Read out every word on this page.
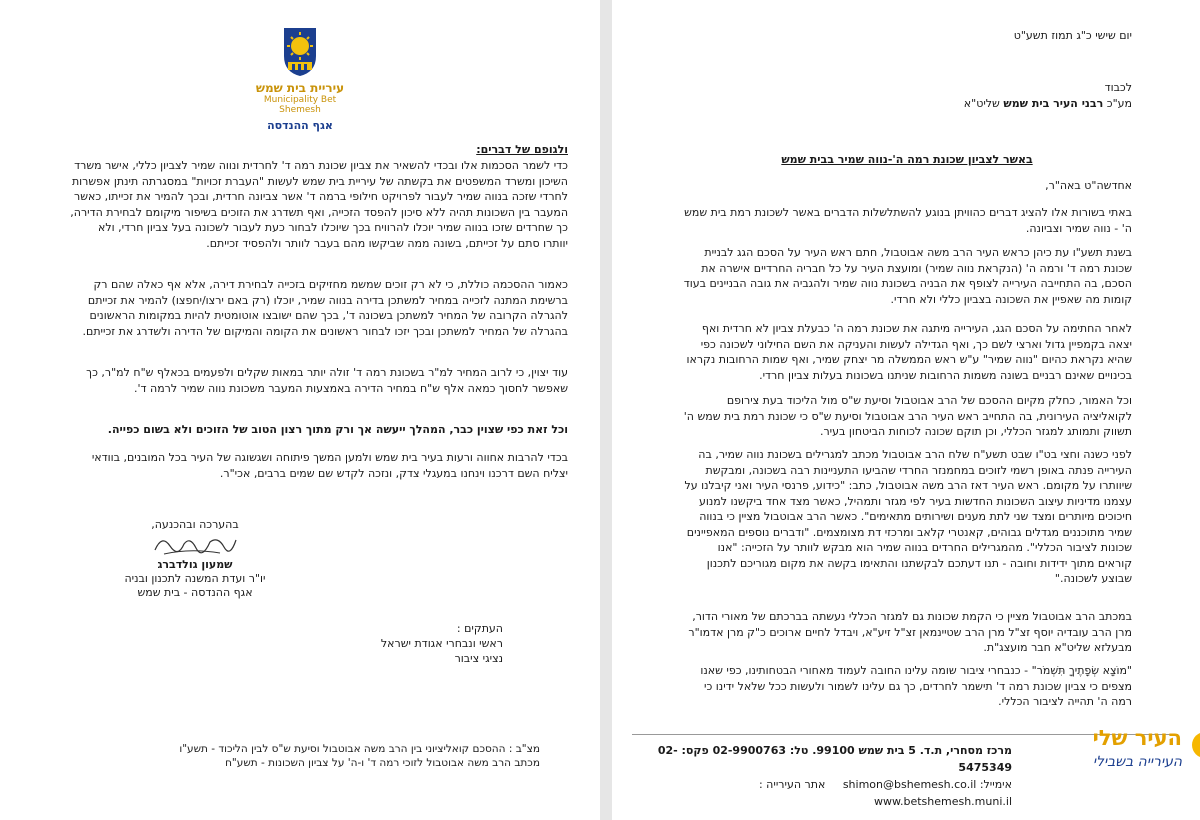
עיריית בית שמש
Municipality Bet Shemesh
אגף ההנדסה
ולגופם של דברים:

כדי לשמר הסכמות אלו ובכדי להשאיר את צביון שכונת רמה ד' לחרדית ונווה שמיר לצביון כללי, אישר משרד השיכון ומשרד המשפטים את בקשתה של עיריית בית שמש לעשות "העברת זכויות" במסגרתה תינתן אפשרות לחרדי שזכה בנווה שמיר לעבור לפרויקט חילופי ברמה ד' אשר צביונה חרדית, ובכך להמיר את זכייתו, כאשר המעבר בין השכונות תהיה ללא סיכון להפסד הזכייה, ואף תשדרג את הזוכים בשיפור מיקומם לבחירת הדירה, כך שחרדים שזכו בנווה שמיר יוכלו להרוויח בכך שיוכלו לבחור כעת לעבור לשכונה בעל צביון חרדי, ולא יוותרו סתם על זכייתם, בשונה ממה שביקשו מהם בעבר לוותר ולהפסיד זכייתם.

כאמור ההסכמה כוללת, כי לא רק זוכים שמשמ מחזיקים בזכייה לבחירת דירה, אלא אף כאלה שהם רק ברשימת המתנה לזכייה במחיר למשתכן בדירה בנווה שמיר, יוכלו (רק באם ירצו/יחפצו) להמיר את זכייתם להגרלה הקרובה של המחיר למשתכן בשכונה ד', בכך שהם ישובצו אוטומטית להיות במקומות הראשונים בהגרלה של המחיר למשתכן ובכך יזכו לבחור ראשונים את הקומה והמיקום של הדירה ולשדרג את זכייתם.

עוד יצוין, כי לרוב המחיר למ"ר בשכונת רמה ד' זולה יותר במאות שקלים ולפעמים בכאלף ש"ח למ"ר, כך שאפשר לחסוך כמאה אלף ש"ח במחיר הדירה באמצעות המעבר משכונת נווה שמיר לרמה ד'.

וכל זאת כפי שצוין כבר, המהלך ייעשה אך ורק מתוך רצון הטוב של הזוכים ולא בשום כפייה.

בכדי להרבות אחווה ורעות בעיר בית שמש ולמען המשך פיתוחה ושגשוגה של העיר בכל המובנים, בוודאי יצליח השם דרכנו וינחנו במעגלי צדק, ונזכה לקדש שם שמים ברבים, אכי"ר.

בהערכה ובהכנעה,
שמעון גולדברג
יו"ר ועדת המשנה לתכנון ובניה
אגף ההנדסה - בית שמש
העתקים :
ראשי ונבחרי אגודת ישראל
נציגי ציבור
מצ"ב : ההסכם קואליציוני בין הרב משה אבוטבול וסיעת ש"ס לבין הליכוד - תשע"ו
מכתב הרב משה אבוטבול לזוכי רמה ד' ו-ה' על צביון השכונות - תשע"ח
יום שישי כ"ג תמוז תשע"ט
לכבוד
מע"כ רבני העיר בית שמש שליט"א
באשר לצביון שכונת רמה ה'-נווה שמיר בבית שמש
אחדשה"ט באה"ר,

באתי בשורות אלו להציג דברים כהוויתן בנוגע להשתלשלות הדברים באשר לשכונת רמת בית שמש ה' - נווה שמיר וצביונה.

בשנת תשע"ו עת כיהן כראש העיר הרב משה אבוטבול, חתם ראש העיר על הסכם הגג לבניית שכונת רמה ד' ורמה ה' (הנקראת נווה שמיר) ומועצת העיר על כל חבריה החרדיים אישרה את הסכם, בה התחייבה העירייה לצופף את הבניה בשכונת נווה שמיר ולהגביה את גובה הבניינים בעוד קומות מה שאפיין את השכונה בצביון כללי ולא חרדי.

לאחר החתימה על הסכם הגג, העירייה מיתגה את שכונת רמה ה' כבעלת צביון לא חרדית ואף יצאה בקמפיין גדול וארצי לשם כך, ואף הגדילה לעשות והעניקה את השם החילוני לשכונה כפי שהיא נקראת כהיום "נווה שמיר" ע"ש ראש הממשלה מר יצחק שמיר, ואף שמות הרחובות נקראו בכינויים שאינם רבניים בשונה משמות הרחובות שניתנו בשכונות בעלות צביון חרדי.

וכל האמור, כחלק מקיום ההסכם של הרב אבוטבול וסיעת ש"ס מול הליכוד בעת צירופם לקואליציה העירונית, בה התחייב ראש העיר הרב אבוטבול וסיעת ש"ס כי שכונת רמת בית שמש ה' תשווק ותמותג למגזר הכללי, וכן תוקם שכונה לכוחות הביטחון בעיר.

לפני כשנה וחצי בט"ו שבט תשע"ח שלח הרב אבוטבול מכתב למגרילים בשכונת נווה שמיר, בה העירייה פנתה באופן רשמי לזוכים במחמנזר החרדי שהביעו התעניינות רבה בשכונה, ומבקשת שיוותרו על מקומם. ראש העיר דאז הרב משה אבוטבול, כתב: "כידוע, פרנסי העיר ואני קיבלנו על עצמנו מדיניות עיצוב השכונות החדשות בעיר לפי מגזר ותמהיל, כאשר מצד אחד ביקשנו למנוע חיכוכים מיותרים ומצד שני לתת מענים ושירותים מתאימים". כאשר הרב אבוטבול מציין כי בנווה שמיר מתוכננים מגדלים גבוהים, קאנטרי קלאב ומרכזי דת מצומצמים. "ודברים נוספים המאפיינים שכונות לציבור הכללי". מהמגרילים החרדים בנווה שמיר הוא מבקש לוותר על הזכייה: "אנו קוראים מתוך ידידות וחובה - תנו דעתכם לבקשתנו והתאימו בקשה את מקום מגוריכם לתכנון שבוצע לשכונה."

במכתב הרב אבוטבול מציין כי הקמת שכונות גם למגזר הכללי נעשתה בברכתם של מאורי הדור, מרן הרב עובדיה יוסף זצ"ל מרן הרב שטיינמאן זצ"ל זיע"א, ויבדל לחיים ארוכים כ"ק מרן אדמו"ר מבעלזא שליט"א חבר מועצג"ת.

"מוֹצָא שְׂפָתֶיךָ תִּשְׁמֹר" - כנבחרי ציבור שומה עלינו החובה לעמוד מאחורי הבטחותינו, כפי שאנו מצפים כי צביון שכונת רמה ד' תישמר לחרדים, כך גם עלינו לשמור ולעשות ככל שלאל ידינו כי רמה ה' תהייה לציבור הכללי.

מרכז מסחרי, ת.ד. 5 בית שמש 99100. טל: 02-9900763 פקס: 02-5475349
אימייל: shimon@bshemesh.co.il     אתר העירייה : www.betshemesh.muni.il
העיר שלי
העירייה בשבילי
